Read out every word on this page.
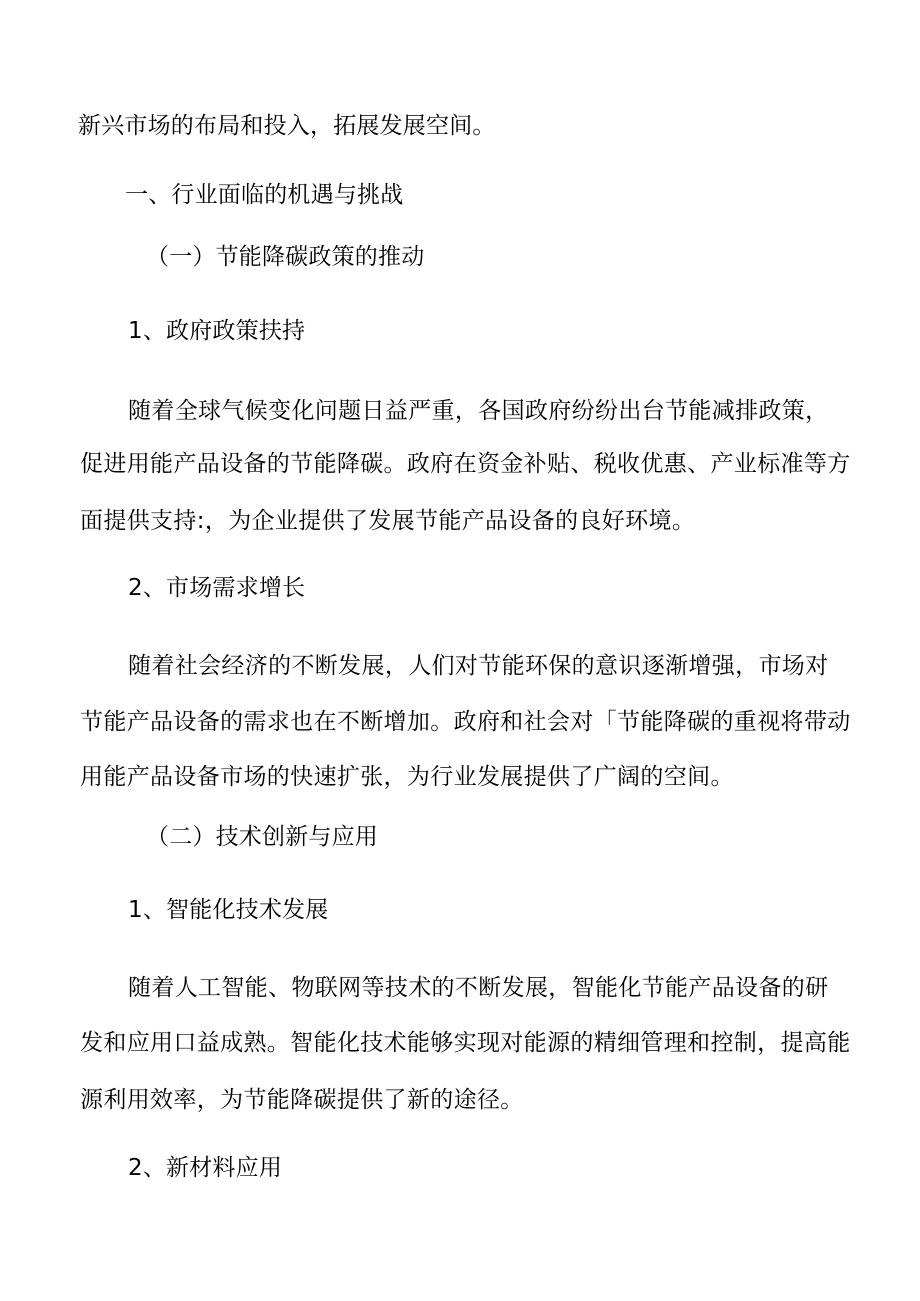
新兴市场的布局和投入，拓展发展空间。

一、行业面临的机遇与挑战
（一）节能降碳政策的推动
1、政府政策扶持

随着全球气候变化问题日益严重，各国政府纷纷出台节能减排政策，

促进用能产品设备的节能降碳。政府在资金补贴、税收优惠、产业标准等方

面提供支持:，为企业提供了发展节能产品设备的良好环境。

2、市场需求增长

随着社会经济的不断发展，人们对节能环保的意识逐渐增强，市场对

节能产品设备的需求也在不断增加。政府和社会对「节能降碳的重视将带动

用能产品设备市场的快速扩张，为行业发展提供了广阔的空间。

（二）技术创新与应用
1、智能化技术发展

随着人工智能、物联网等技术的不断发展，智能化节能产品设备的研

发和应用口益成熟。智能化技术能够实现对能源的精细管理和控制，提高能

源利用效率，为节能降碳提供了新的途径。

2、新材料应用
